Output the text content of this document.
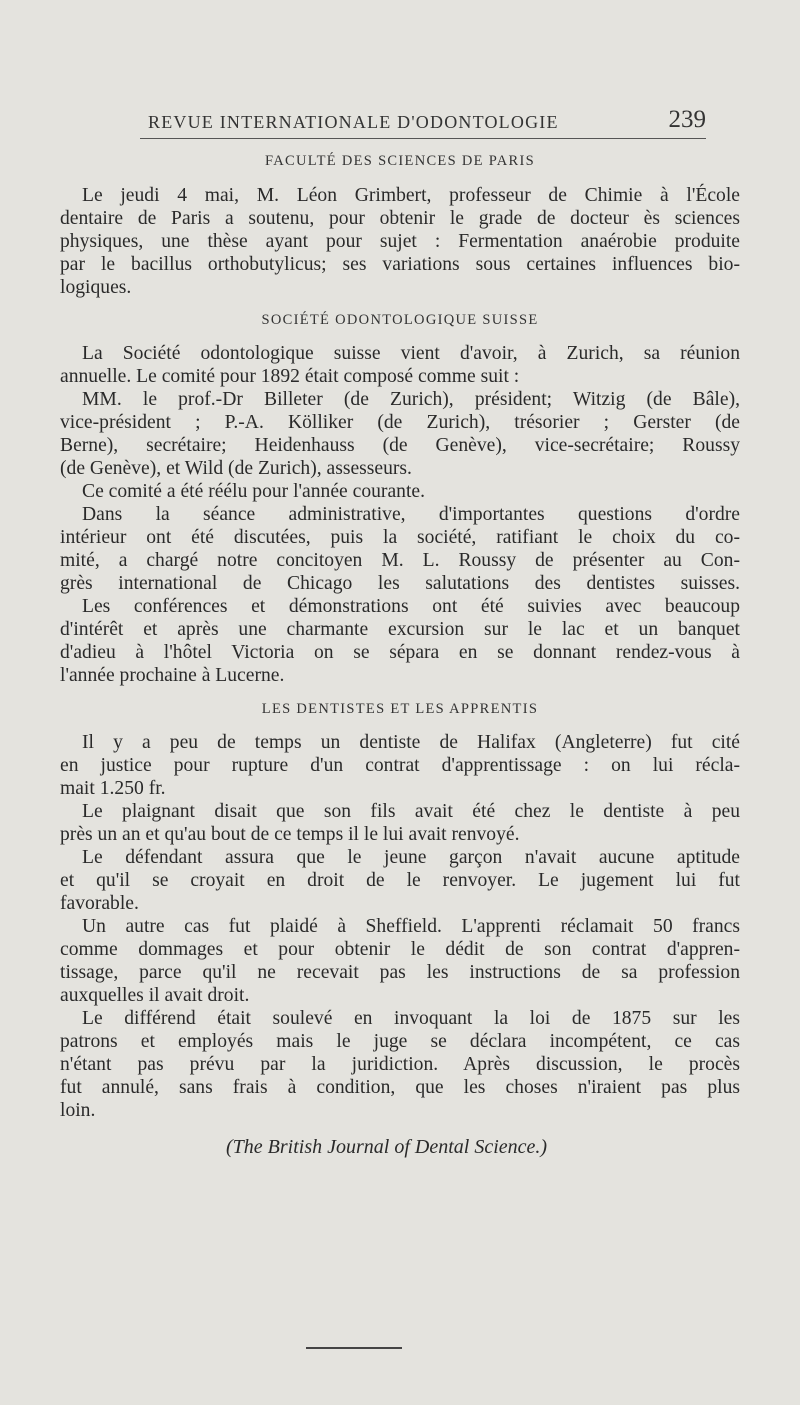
REVUE INTERNATIONALE D'ODONTOLOGIE	239
FACULTÉ DES SCIENCES DE PARIS
Le jeudi 4 mai, M. Léon Grimbert, professeur de Chimie à l'École
dentaire de Paris a soutenu, pour obtenir le grade de docteur ès sciences
physiques, une thèse ayant pour sujet : Fermentation anaérobie produite
par le bacillus orthobutylicus; ses variations sous certaines influences bio-
logiques.
SOCIÉTÉ ODONTOLOGIQUE SUISSE
La Société odontologique suisse vient d'avoir, à Zurich, sa réunion
annuelle. Le comité pour 1892 était composé comme suit :
MM. le prof.-Dr Billeter (de Zurich), président; Witzig (de Bâle),
vice-président ; P.-A. Kölliker (de Zurich), trésorier ; Gerster (de
Berne), secrétaire; Heidenhauss (de Genève), vice-secrétaire; Roussy
(de Genève), et Wild (de Zurich), assesseurs.
Ce comité a été réélu pour l'année courante.
Dans la séance administrative, d'importantes questions d'ordre
intérieur ont été discutées, puis la société, ratifiant le choix du co-
mité, a chargé notre concitoyen M. L. Roussy de présenter au Con-
grès international de Chicago les salutations des dentistes suisses.
Les conférences et démonstrations ont été suivies avec beaucoup
d'intérêt et après une charmante excursion sur le lac et un banquet
d'adieu à l'hôtel Victoria on se sépara en se donnant rendez-vous à
l'année prochaine à Lucerne.
LES DENTISTES ET LES APPRENTIS
Il y a peu de temps un dentiste de Halifax (Angleterre) fut cité
en justice pour rupture d'un contrat d'apprentissage : on lui récla-
mait 1.250 fr.
Le plaignant disait que son fils avait été chez le dentiste à peu
près un an et qu'au bout de ce temps il le lui avait renvoyé.
Le défendant assura que le jeune garçon n'avait aucune aptitude
et qu'il se croyait en droit de le renvoyer. Le jugement lui fut
favorable.
Un autre cas fut plaidé à Sheffield. L'apprenti réclamait 50 francs
comme dommages et pour obtenir le dédit de son contrat d'appren-
tissage, parce qu'il ne recevait pas les instructions de sa profession
auxquelles il avait droit.
Le différend était soulevé en invoquant la loi de 1875 sur les
patrons et employés mais le juge se déclara incompétent, ce cas
n'étant pas prévu par la juridiction. Après discussion, le procès
fut annulé, sans frais à condition, que les choses n'iraient pas plus
loin.
(The British Journal of Dental Science.)
